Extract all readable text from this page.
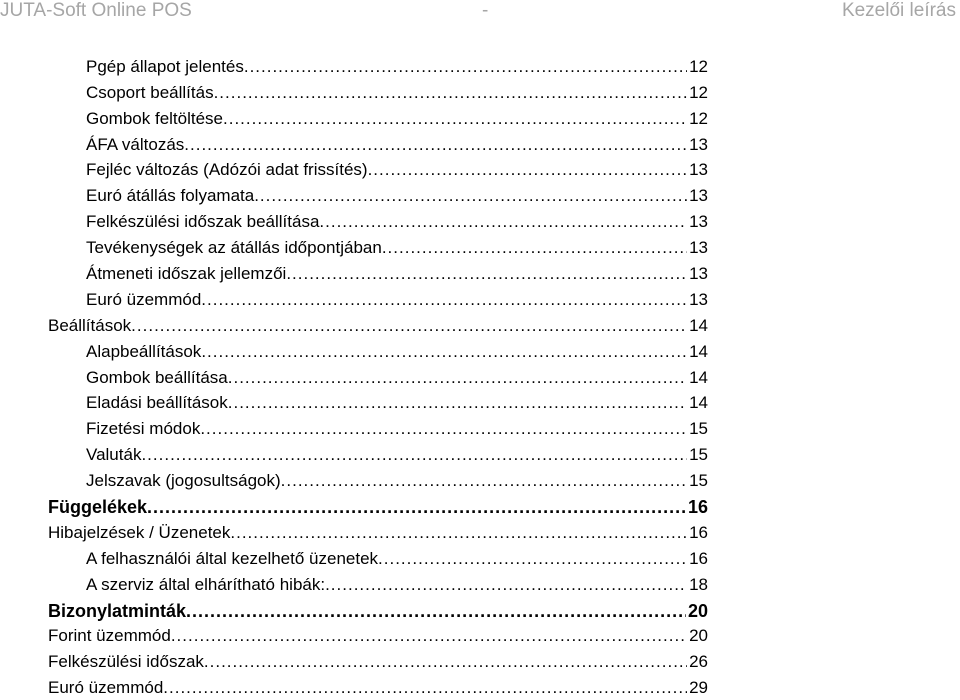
JUTA-Soft Online POS	-	Kezelői leírás
Pgép állapot jelentés .....	12
Csoport beállítás .....	12
Gombok feltöltése .....	12
ÁFA változás .....	13
Fejléc változás (Adózói adat frissítés) .....	13
Euró átállás folyamata .....	13
Felkészülési időszak beállítása .....	13
Tevékenységek az átállás időpontjában .....	13
Átmeneti időszak jellemzői .....	13
Euró üzemmód .....	13
Beállítások .....	14
Alapbeállítások .....	14
Gombok beállítása .....	14
Eladási beállítások .....	14
Fizetési módok .....	15
Valuták .....	15
Jelszavak (jogosultságok) .....	15
Függelékek .....	16
Hibajelzések / Üzenetek .....	16
A felhasználói által kezelhető üzenetek .....	16
A szerviz által elhárítható hibák: .....	18
Bizonylatminták .....	20
Forint üzemmód .....	20
Felkészülési időszak .....	26
Euró üzemmód .....	29
